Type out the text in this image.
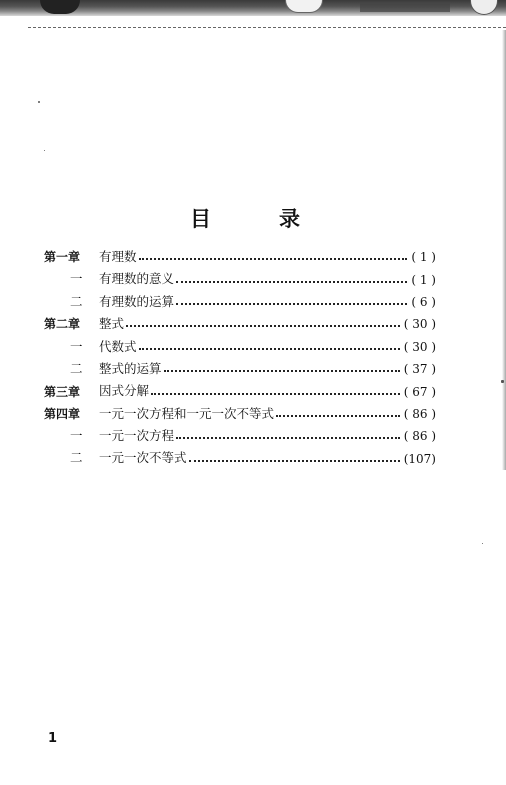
目	录
第一章	有理数	( 1 )
一	有理数的意义	( 1 )
二	有理数的运算	( 6 )
第二章	整式	( 30 )
一	代数式	( 30 )
二	整式的运算	( 37 )
第三章	因式分解	( 67 )
第四章	一元一次方程和一元一次不等式	( 86 )
一	一元一次方程	( 86 )
二	一元一次不等式	(107)
1
